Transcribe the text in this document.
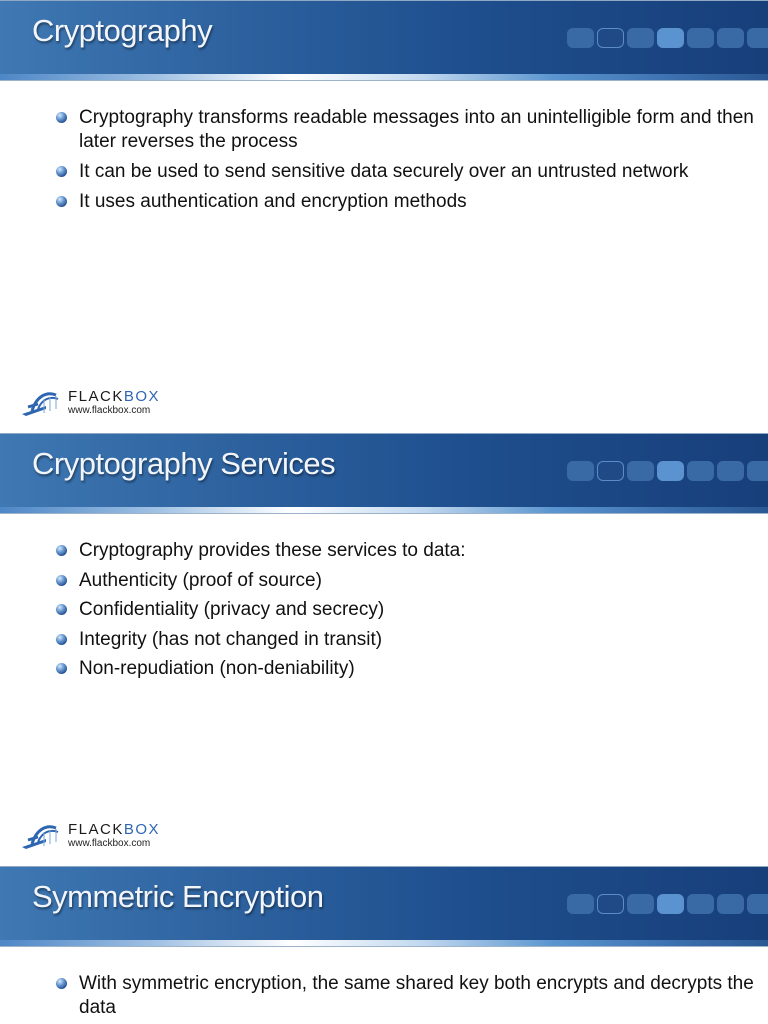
Cryptography
Cryptography transforms readable messages into an unintelligible form and then later reverses the process
It can be used to send sensitive data securely over an untrusted network
It uses authentication and encryption methods
FLACKBOX
www.flackbox.com
Cryptography Services
Cryptography provides these services to data:
Authenticity (proof of source)
Confidentiality (privacy and secrecy)
Integrity (has not changed in transit)
Non-repudiation (non-deniability)
FLACKBOX
www.flackbox.com
Symmetric Encryption
With symmetric encryption, the same shared key both encrypts and decrypts the data
